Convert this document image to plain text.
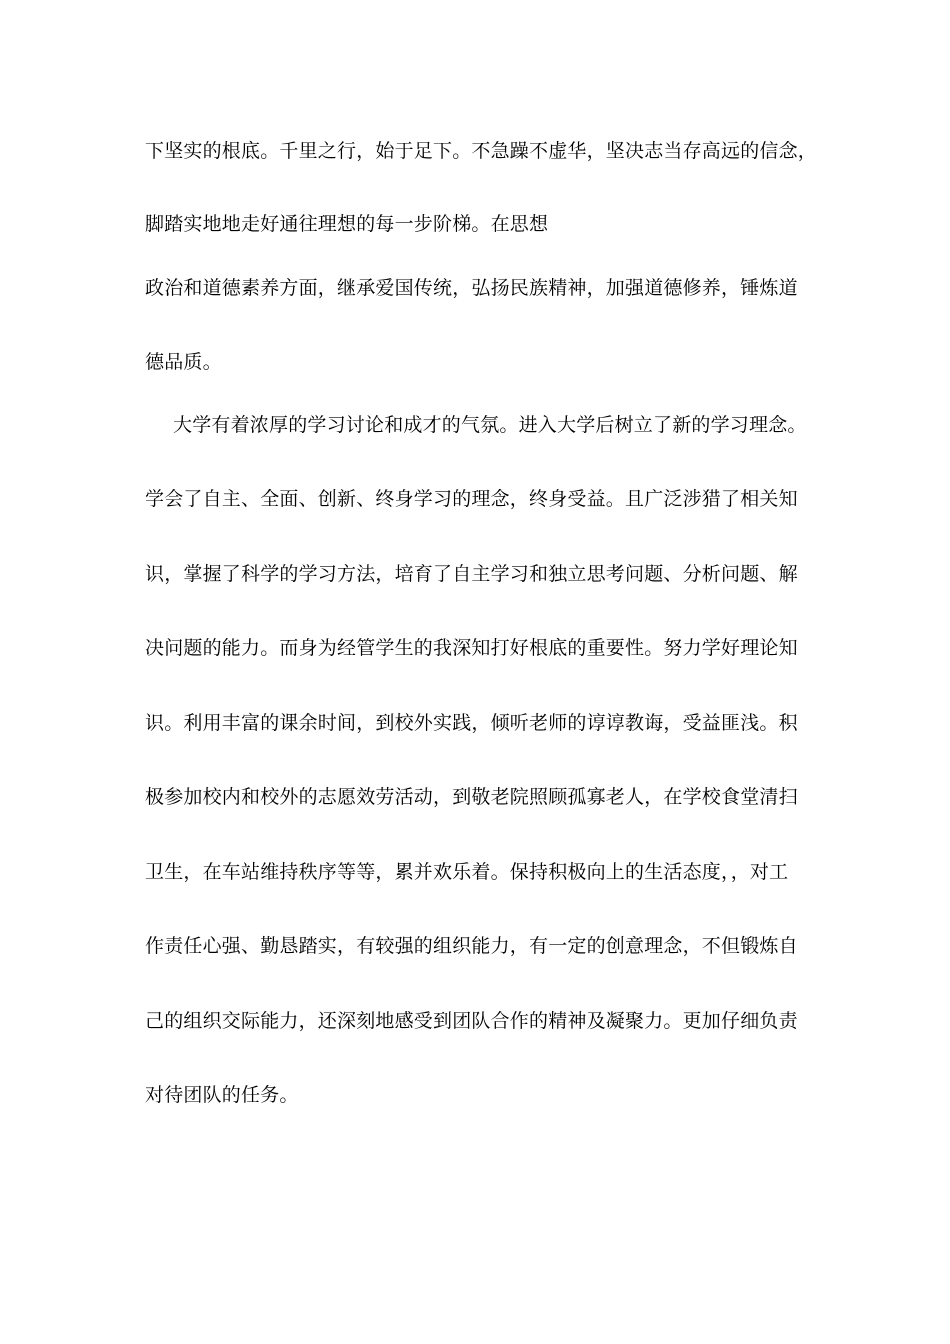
下坚实的根底。千里之行，始于足下。不急躁不虚华，坚决志当存高远的信念，
脚踏实地地走好通往理想的每一步阶梯。在思想
政治和道德素养方面，继承爱国传统，弘扬民族精神，加强道德修养，锤炼道
德品质。
大学有着浓厚的学习讨论和成才的气氛。进入大学后树立了新的学习理念。
学会了自主、全面、创新、终身学习的理念，终身受益。且广泛涉猎了相关知
识，掌握了科学的学习方法，培育了自主学习和独立思考问题、分析问题、解
决问题的能力。而身为经管学生的我深知打好根底的重要性。努力学好理论知
识。利用丰富的课余时间，到校外实践，倾听老师的谆谆教诲，受益匪浅。积
极参加校内和校外的志愿效劳活动，到敬老院照顾孤寡老人，在学校食堂清扫
卫生，在车站维持秩序等等，累并欢乐着。保持积极向上的生活态度，，对工
作责任心强、勤恳踏实，有较强的组织能力，有一定的创意理念，不但锻炼自
己的组织交际能力，还深刻地感受到团队合作的精神及凝聚力。更加仔细负责
对待团队的任务。
